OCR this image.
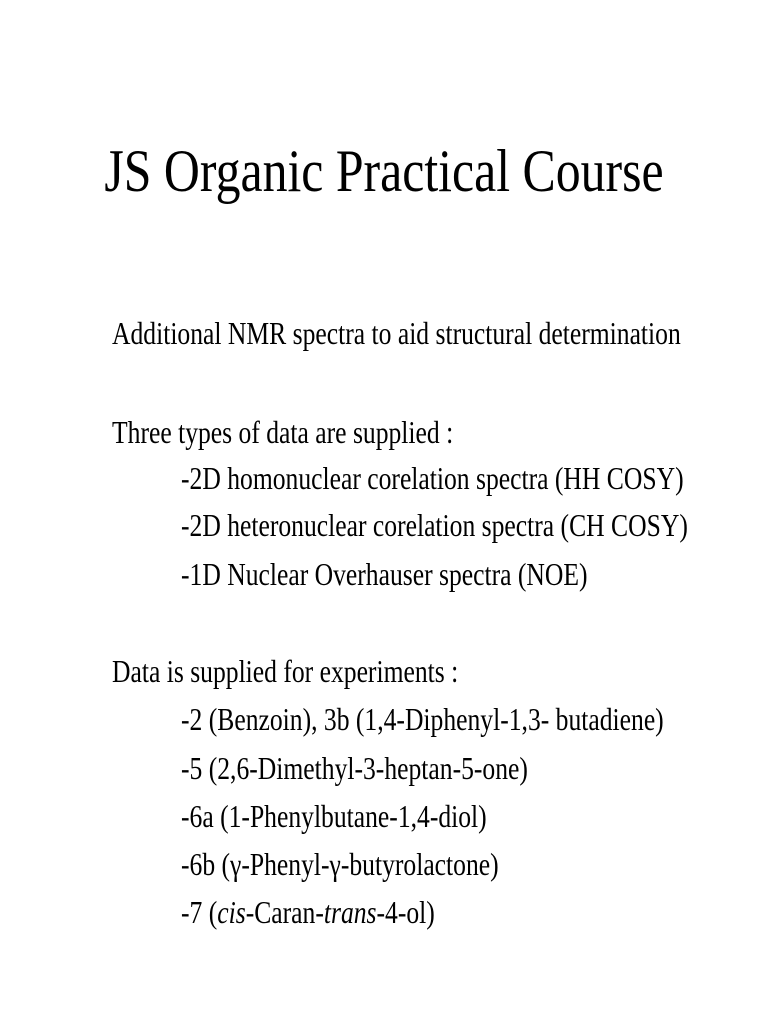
JS Organic Practical Course
Additional NMR spectra to aid structural determination
Three types of data are supplied :
-2D homonuclear corelation spectra (HH COSY)
-2D heteronuclear corelation spectra (CH COSY)
-1D Nuclear Overhauser spectra (NOE)
Data is supplied for experiments :
-2 (Benzoin), 3b (1,4-Diphenyl-1,3- butadiene)
-5 (2,6-Dimethyl-3-heptan-5-one)
-6a (1-Phenylbutane-1,4-diol)
-6b (γ-Phenyl-γ-butyrolactone)
-7 (cis-Caran-trans-4-ol)
